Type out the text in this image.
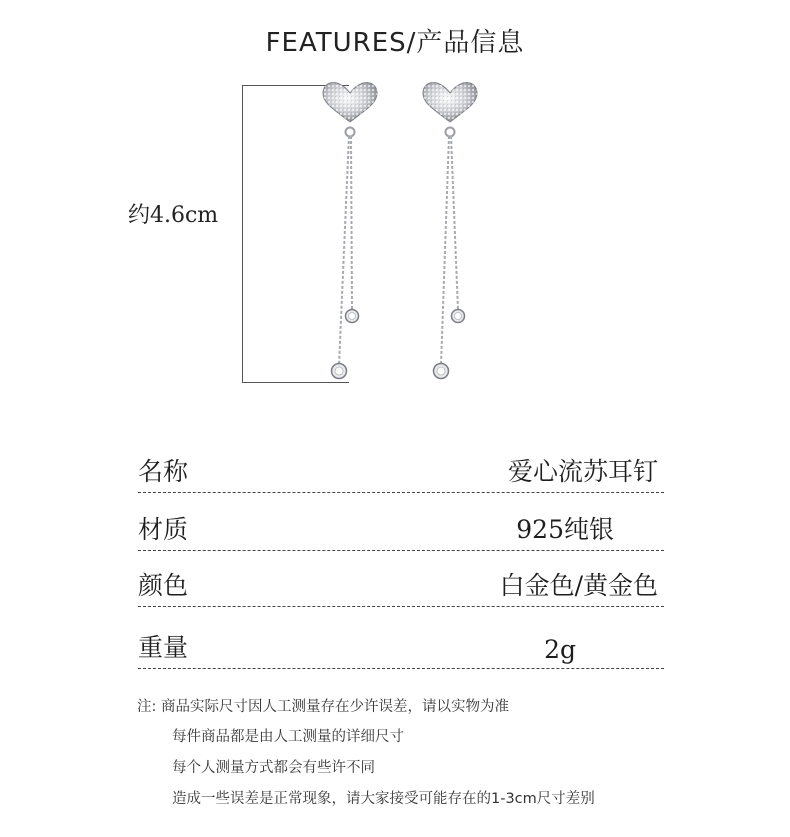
FEATURES/产品信息
约4.6cm
名称	爱心流苏耳钉
材质	925纯银
颜色	白金色/黄金色
重量	2g
注: 商品实际尺寸因人工测量存在少许误差，请以实物为准
每件商品都是由人工测量的详细尺寸
每个人测量方式都会有些许不同
造成一些误差是正常现象，请大家接受可能存在的1-3cm尺寸差别
